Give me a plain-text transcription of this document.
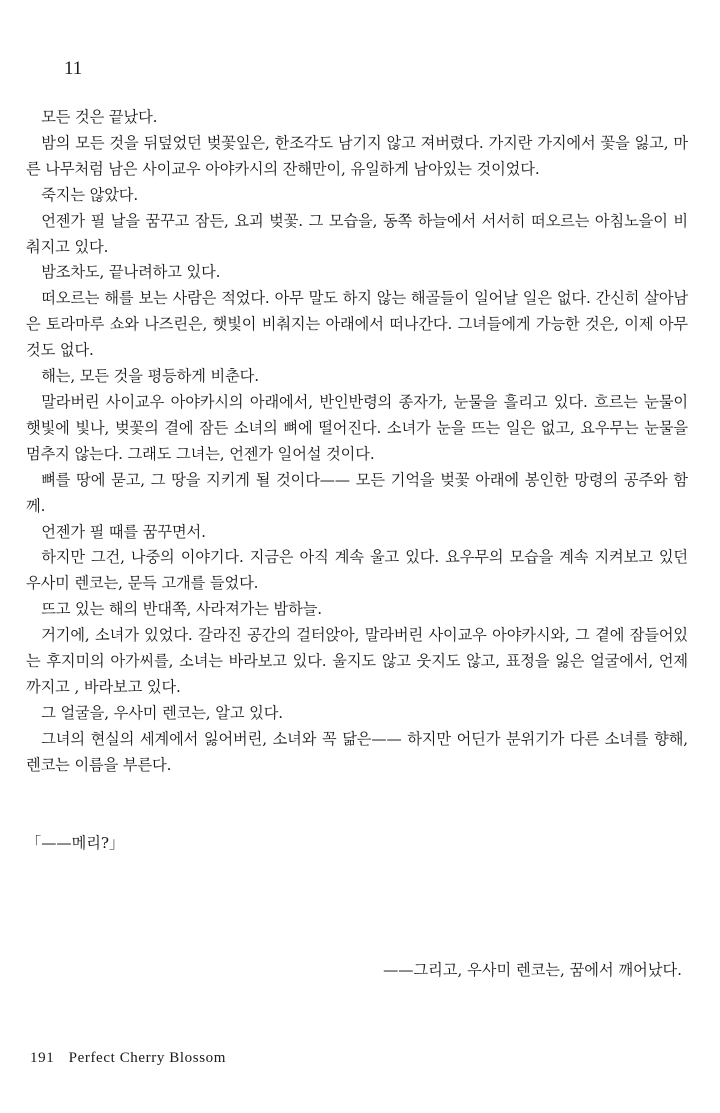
11

모든 것은 끝났다.

밤의 모든 것을 뒤덮었던 벚꽃잎은, 한조각도 남기지 않고 져버렸다. 가지란 가지에서 꽃을 잃고, 마른 나무처럼 남은 사이교우 아야카시의 잔해만이, 유일하게 남아있는 것이었다.

죽지는 않았다.

언젠가 필 날을 꿈꾸고 잠든, 요괴 벚꽃. 그 모습을, 동쪽 하늘에서 서서히 떠오르는 아침노을이 비춰지고 있다.

밤조차도, 끝나려하고 있다.

떠오르는 해를 보는 사람은 적었다. 아무 말도 하지 않는 해골들이 일어날 일은 없다. 간신히 살아남은 토라마루 쇼와 나즈린은, 햇빛이 비춰지는 아래에서 떠나간다. 그녀들에게 가능한 것은, 이제 아무것도 없다.

해는, 모든 것을 평등하게 비춘다.

말라버린 사이교우 아야카시의 아래에서, 반인반령의 종자가, 눈물을 흘리고 있다. 흐르는 눈물이 햇빛에 빛나, 벚꽃의 결에 잠든 소녀의 뼈에 떨어진다. 소녀가 눈을 뜨는 일은 없고, 요우무는 눈물을 멈추지 않는다. 그래도 그녀는, 언젠가 일어설 것이다.

뼈를 땅에 묻고, 그 땅을 지키게 될 것이다—— 모든 기억을 벚꽃 아래에 봉인한 망령의 공주와 함께.

언젠가 필 때를 꿈꾸면서.

하지만 그건, 나중의 이야기다. 지금은 아직 계속 울고 있다. 요우무의 모습을 계속 지켜보고 있던 우사미 렌코는, 문득 고개를 들었다.

뜨고 있는 해의 반대쪽, 사라져가는 밤하늘.

거기에, 소녀가 있었다. 갈라진 공간의 걸터앉아, 말라버린 사이교우 아야카시와, 그 곁에 잠들어있는 후지미의 아가씨를, 소녀는 바라보고 있다. 울지도 않고 웃지도 않고, 표정을 잃은 얼굴에서, 언제까지고 , 바라보고 있다.

그 얼굴을, 우사미 렌코는, 알고 있다.

그녀의 현실의 세계에서 잃어버린, 소녀와 꼭 닮은—— 하지만 어딘가 분위기가 다른 소녀를 향해, 렌코는 이름을 부른다.

「——메리?」
——그리고, 우사미 렌코는, 꿈에서 깨어났다.
191 Perfect Cherry Blossom
